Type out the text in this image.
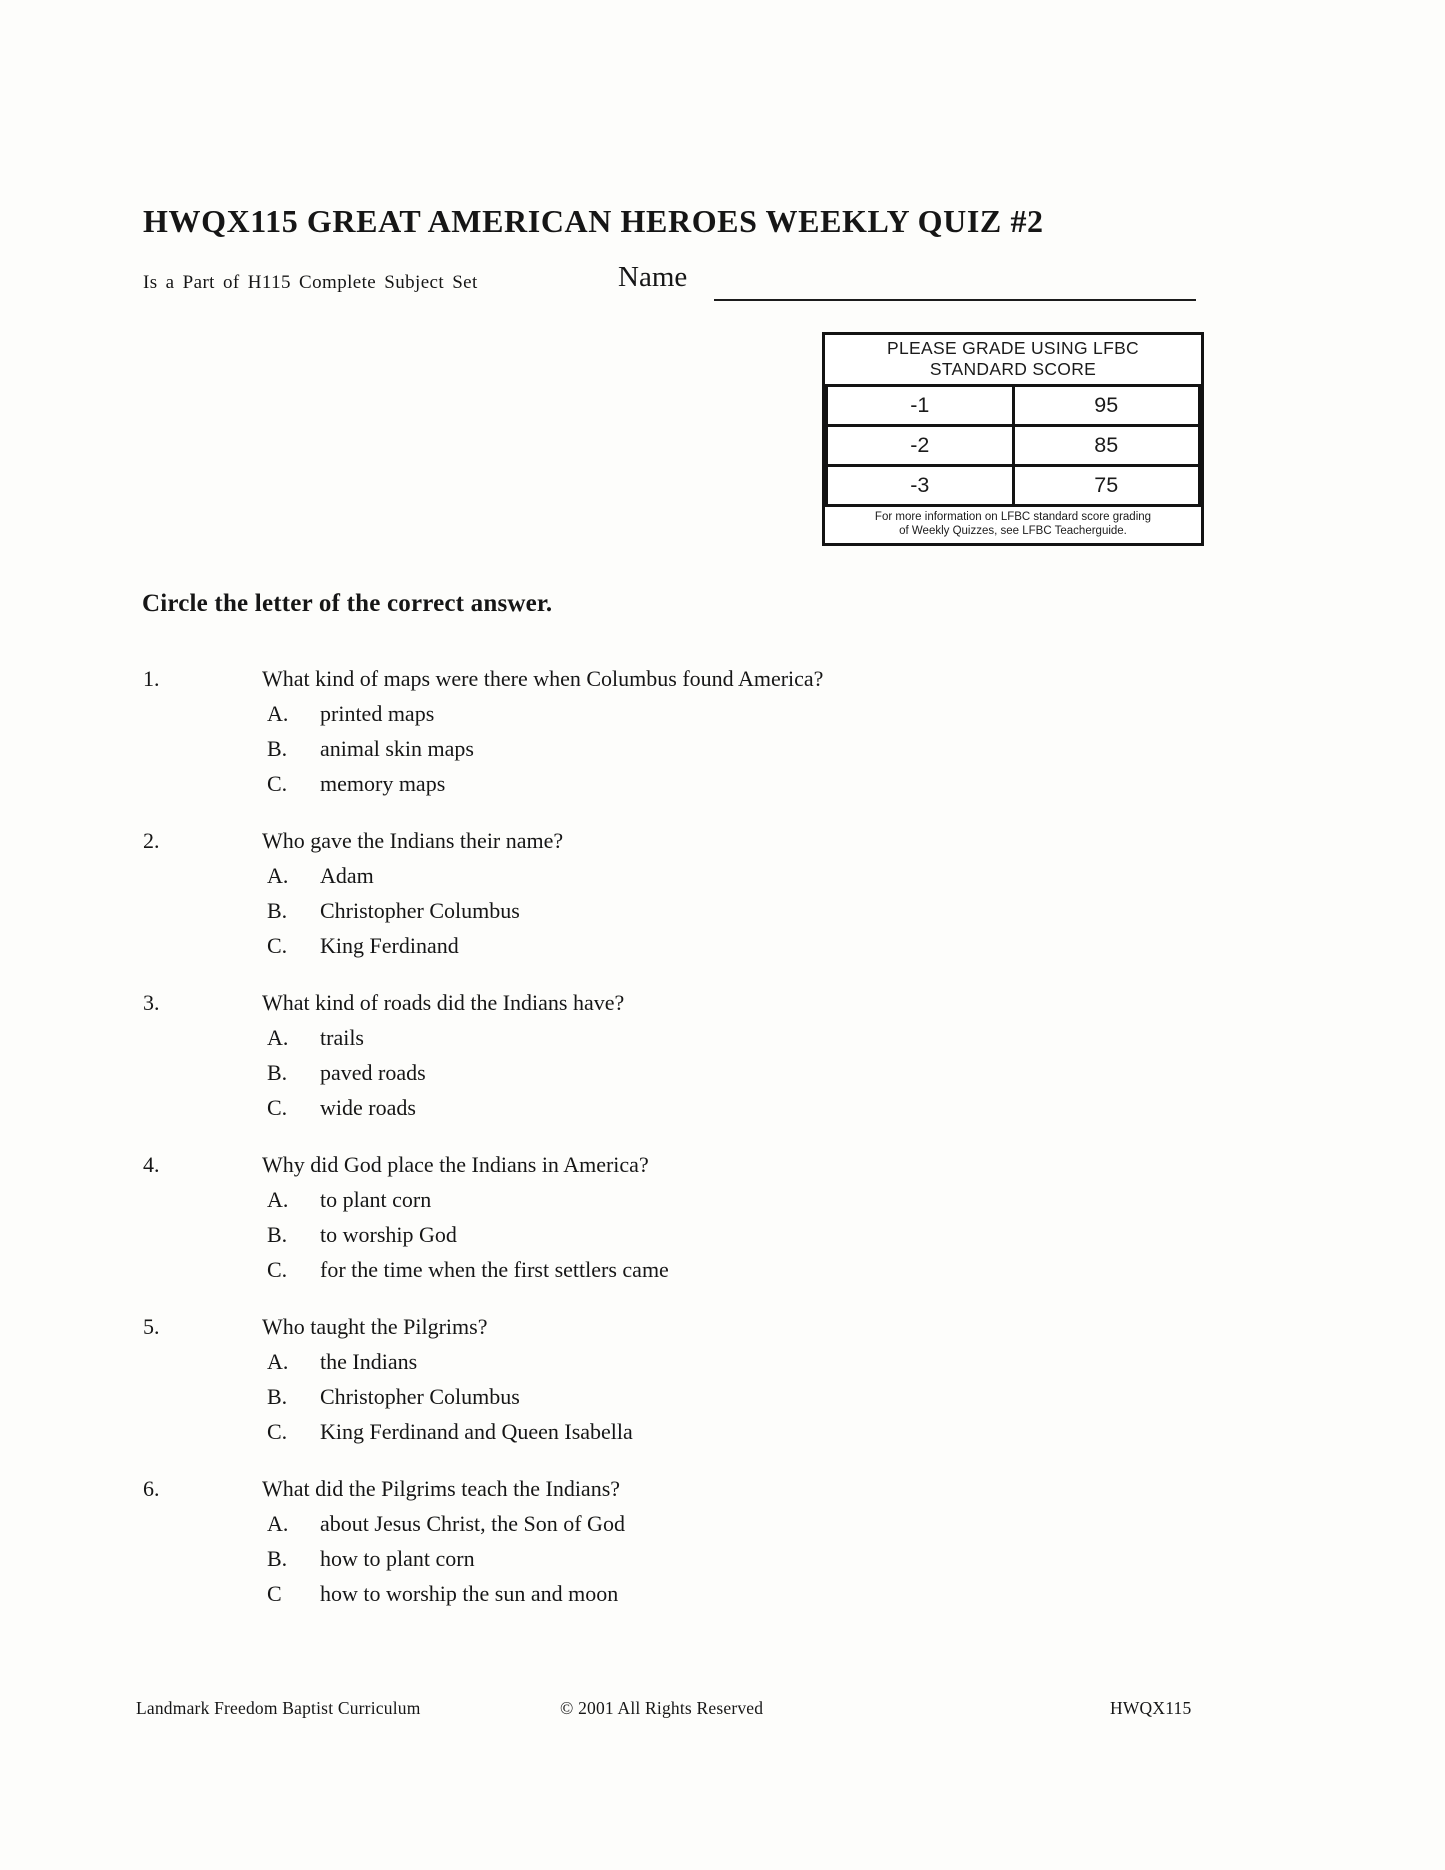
HWQX115 GREAT AMERICAN HEROES WEEKLY QUIZ #2
Is a Part of H115 Complete Subject Set	Name
PLEASE GRADE USING LFBC
STANDARD SCORE	

-1	95
-2	85
-3	75

For more information on LFBC standard score grading
of Weekly Quizzes, see LFBC Teacherguide.	
Circle the letter of the correct answer.
1.	What kind of maps were there when Columbus found America?
A.	printed maps
B.	animal skin maps
C.	memory maps
2.	Who gave the Indians their name?
A.	Adam
B.	Christopher Columbus
C.	King Ferdinand
3.	What kind of roads did the Indians have?
A.	trails
B.	paved roads
C.	wide roads
4.	Why did God place the Indians in America?
A.	to plant corn
B.	to worship God
C.	for the time when the first settlers came
5.	Who taught the Pilgrims?
A.	the Indians
B.	Christopher Columbus
C.	King Ferdinand and Queen Isabella
6.	What did the Pilgrims teach the Indians?
A.	about Jesus Christ, the Son of God
B.	how to plant corn
C	how to worship the sun and moon
Landmark Freedom Baptist Curriculum	© 2001 All Rights Reserved	HWQX115
